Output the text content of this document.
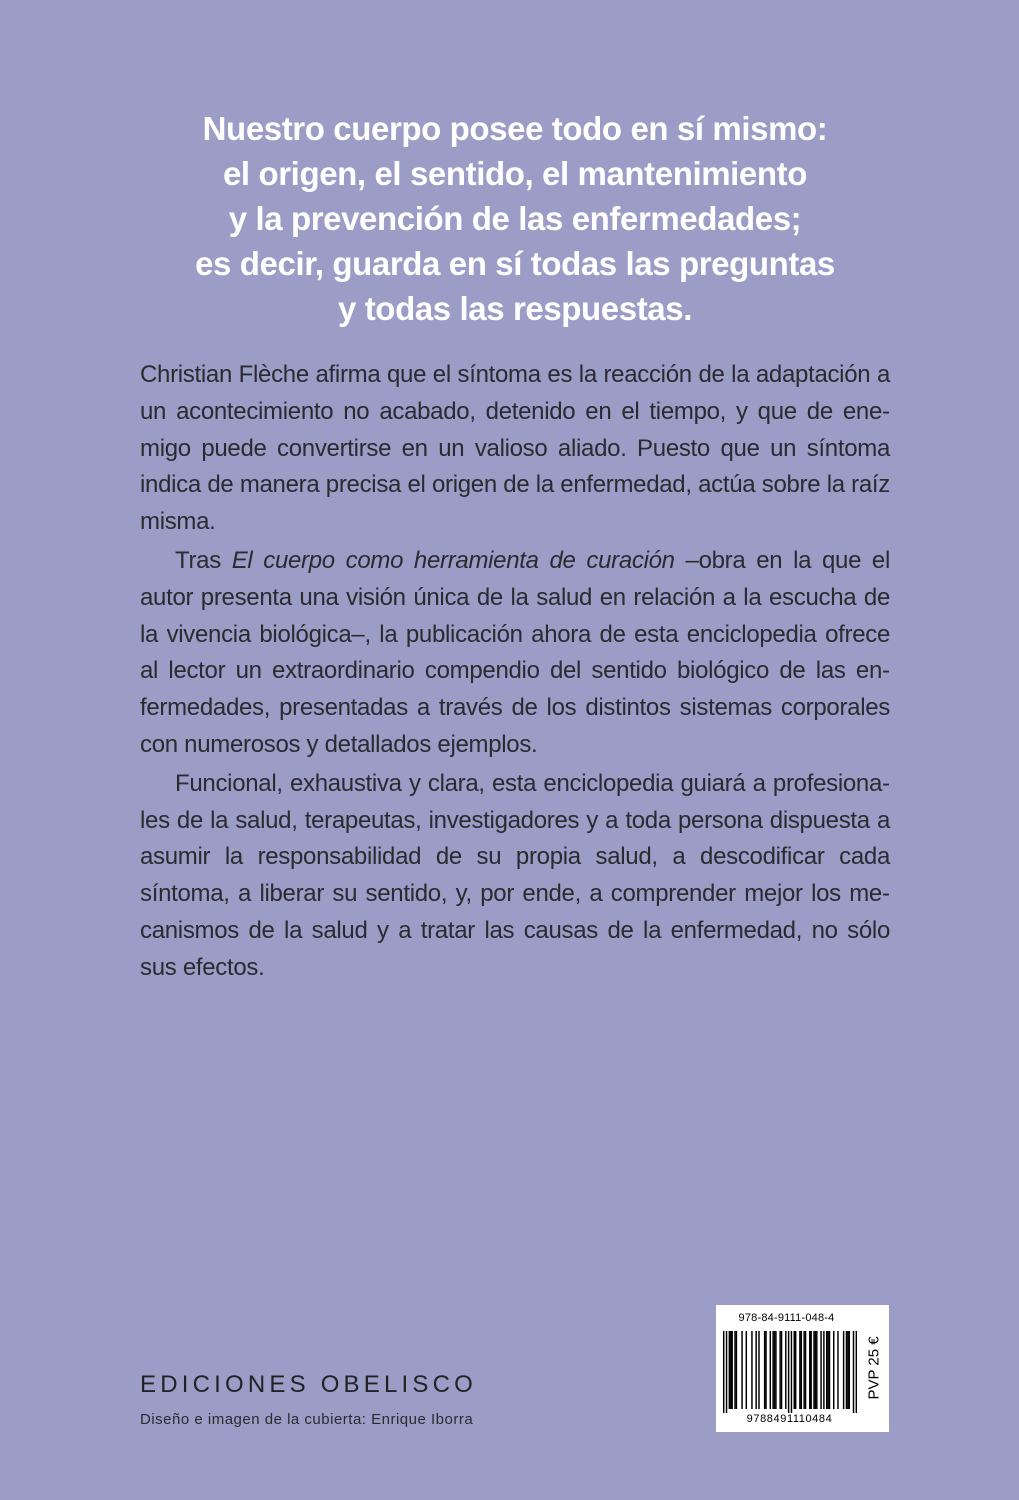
Nuestro cuerpo posee todo en sí mismo:
el origen, el sentido, el mantenimiento
y la prevención de las enfermedades;
es decir, guarda en sí todas las preguntas
y todas las respuestas.

Christian Flèche afirma que el síntoma es la reacción de la adaptación a un acontecimiento no acabado, detenido en el tiempo, y que de enemigo puede convertirse en un valioso aliado. Puesto que un síntoma indica de manera precisa el origen de la enfermedad, actúa sobre la raíz misma.

Tras El cuerpo como herramienta de curación –obra en la que el autor presenta una visión única de la salud en relación a la escucha de la vivencia biológica–, la publicación ahora de esta enciclopedia ofrece al lector un extraordinario compendio del sentido biológico de las enfermedades, presentadas a través de los distintos sistemas corporales con numerosos y detallados ejemplos.

Funcional, exhaustiva y clara, esta enciclopedia guiará a profesionales de la salud, terapeutas, investigadores y a toda persona dispuesta a asumir la responsabilidad de su propia salud, a descodificar cada síntoma, a liberar su sentido, y, por ende, a comprender mejor los mecanismos de la salud y a tratar las causas de la enfermedad, no sólo sus efectos.

EDICIONES OBELISCO
Diseño e imagen de la cubierta: Enrique Iborra
978-84-9111-048-4
9788491110484
PVP 25 €
